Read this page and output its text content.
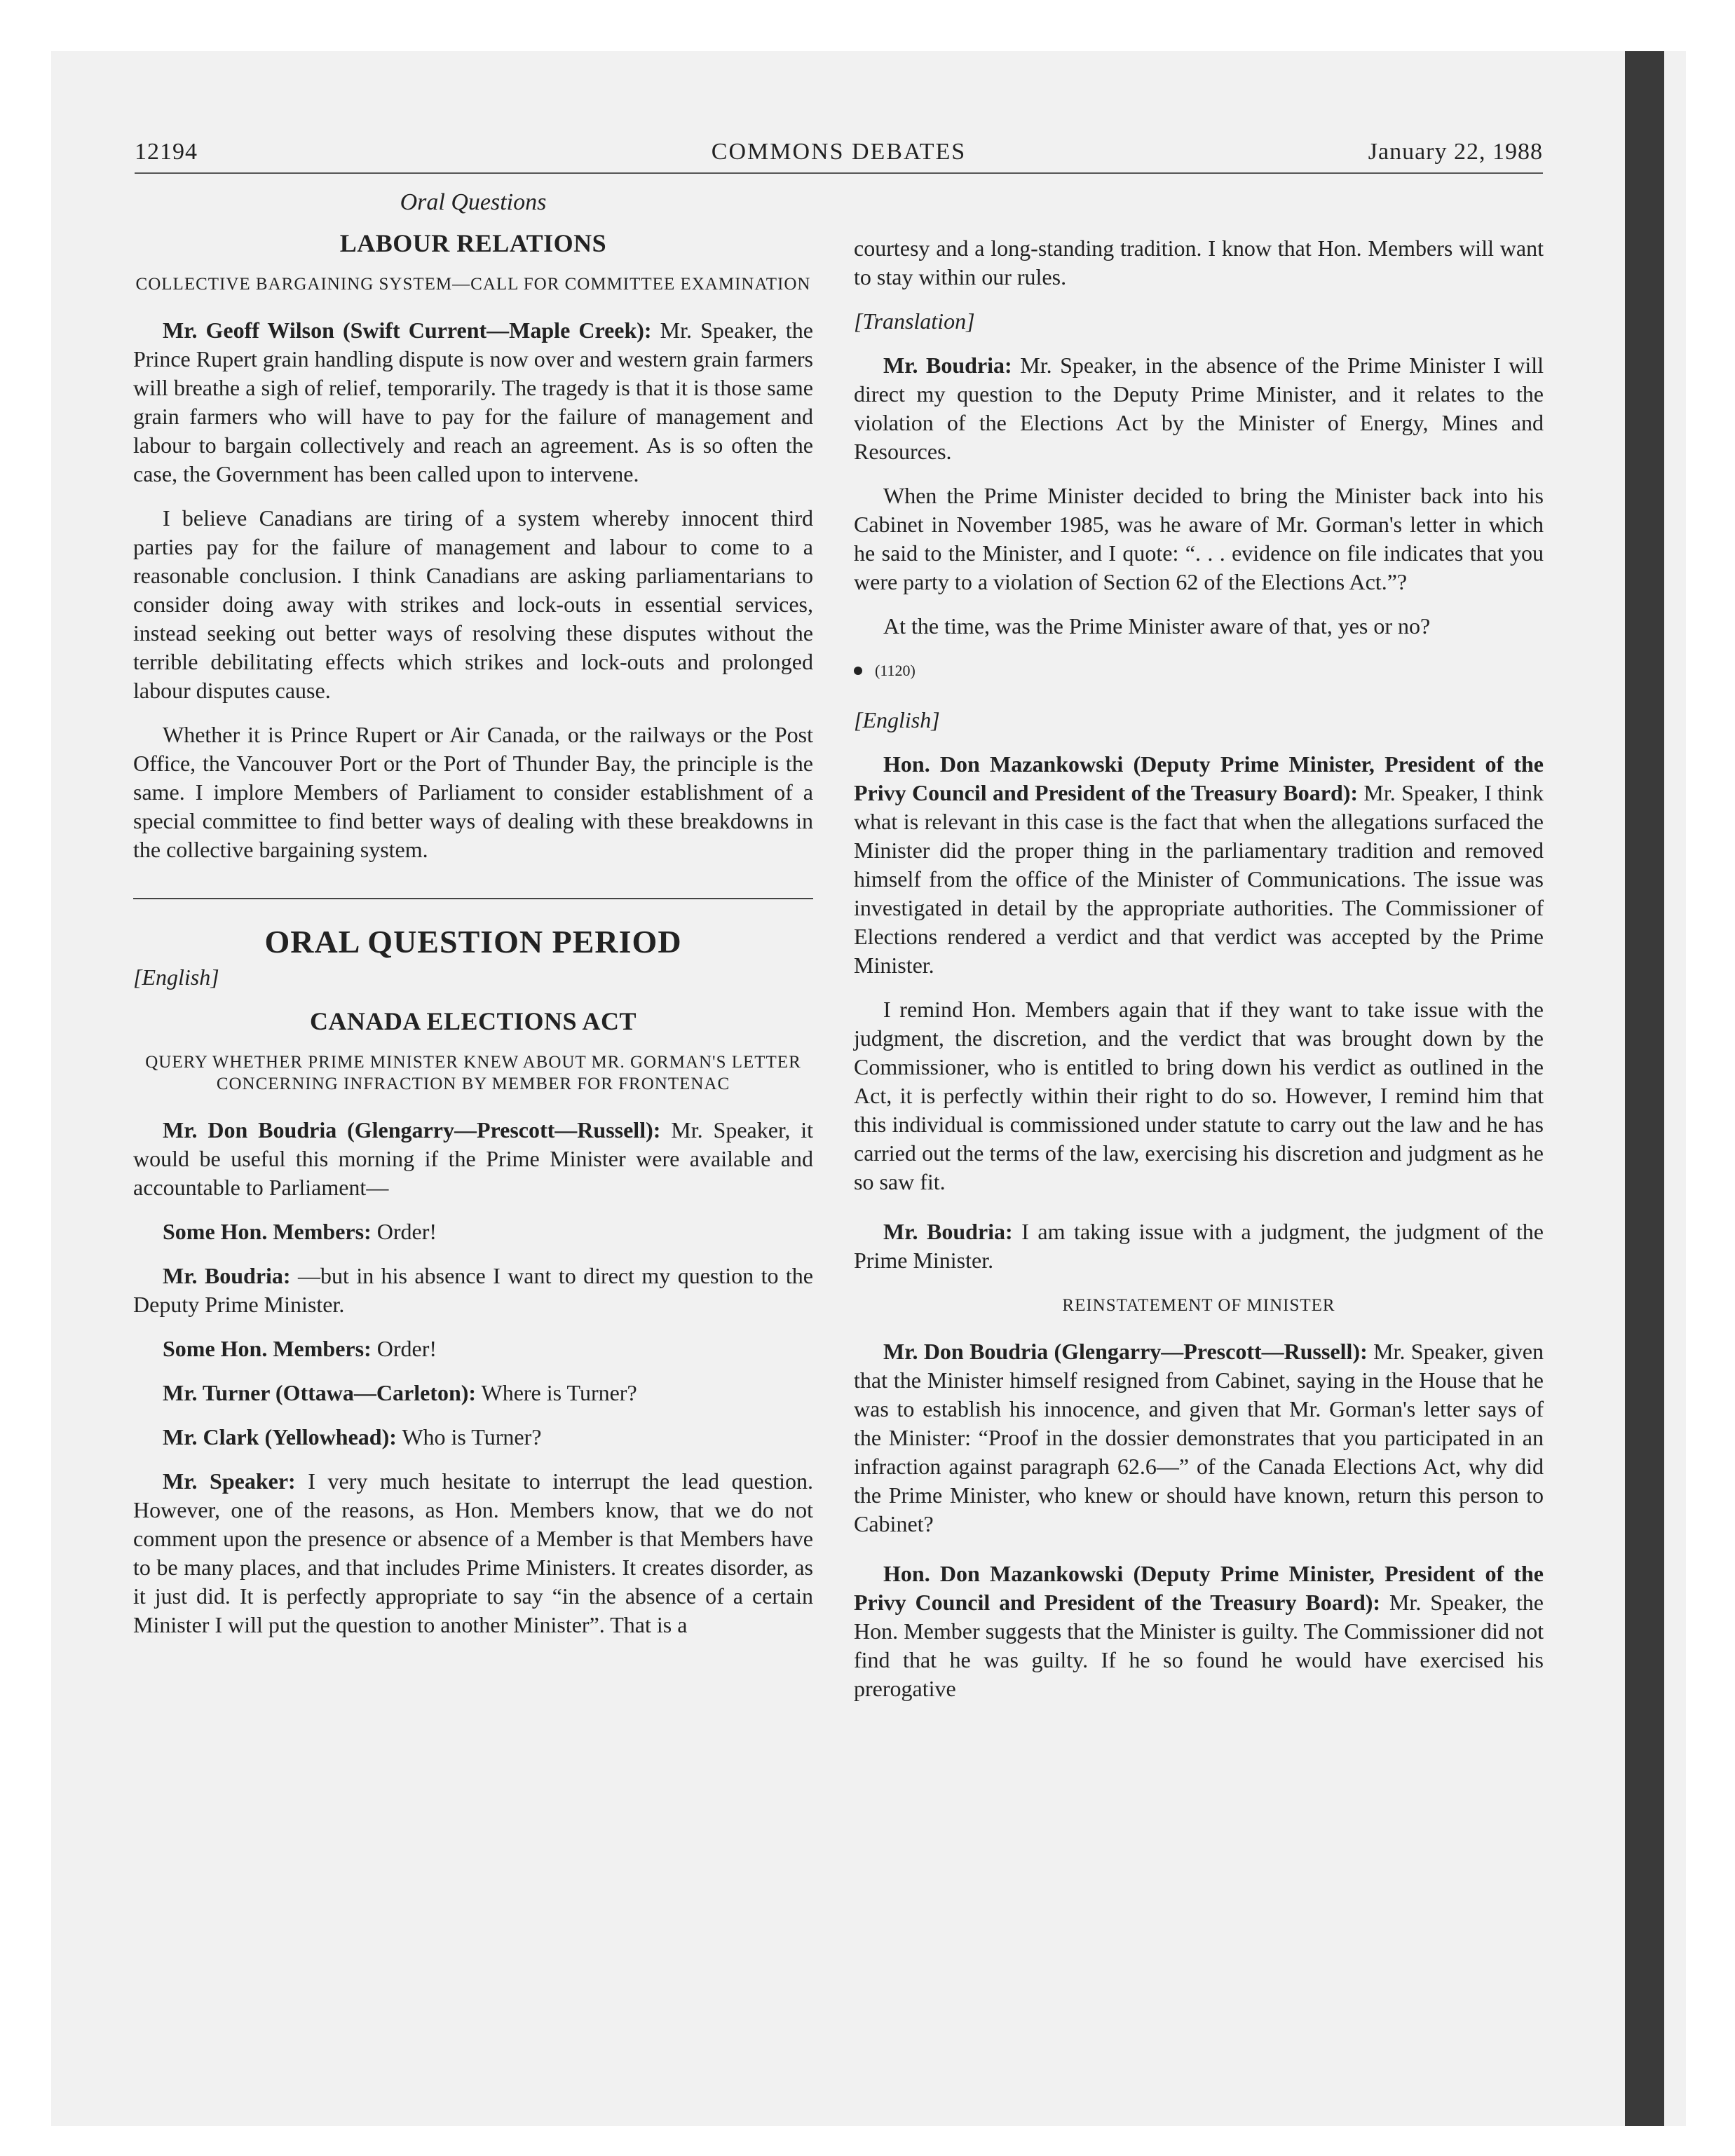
12194	COMMONS DEBATES	January 22, 1988
Oral Questions
LABOUR RELATIONS
COLLECTIVE BARGAINING SYSTEM—CALL FOR COMMITTEE EXAMINATION

Mr. Geoff Wilson (Swift Current—Maple Creek): Mr. Speaker, the Prince Rupert grain handling dispute is now over and western grain farmers will breathe a sigh of relief, temporarily. The tragedy is that it is those same grain farmers who will have to pay for the failure of management and labour to bargain collectively and reach an agreement. As is so often the case, the Government has been called upon to intervene.

I believe Canadians are tiring of a system whereby innocent third parties pay for the failure of management and labour to come to a reasonable conclusion. I think Canadians are asking parliamentarians to consider doing away with strikes and lock-outs in essential services, instead seeking out better ways of resolving these disputes without the terrible debilitating effects which strikes and lock-outs and prolonged labour disputes cause.

Whether it is Prince Rupert or Air Canada, or the railways or the Post Office, the Vancouver Port or the Port of Thunder Bay, the principle is the same. I implore Members of Parliament to consider establishment of a special committee to find better ways of dealing with these breakdowns in the collective bargaining system.

ORAL QUESTION PERIOD

[English]

CANADA ELECTIONS ACT
QUERY WHETHER PRIME MINISTER KNEW ABOUT MR. GORMAN'S LETTER CONCERNING INFRACTION BY MEMBER FOR FRONTENAC

Mr. Don Boudria (Glengarry—Prescott—Russell): Mr. Speaker, it would be useful this morning if the Prime Minister were available and accountable to Parliament—

Some Hon. Members: Order!

Mr. Boudria: —but in his absence I want to direct my question to the Deputy Prime Minister.

Some Hon. Members: Order!

Mr. Turner (Ottawa—Carleton): Where is Turner?

Mr. Clark (Yellowhead): Who is Turner?

Mr. Speaker: I very much hesitate to interrupt the lead question. However, one of the reasons, as Hon. Members know, that we do not comment upon the presence or absence of a Member is that Members have to be many places, and that includes Prime Ministers. It creates disorder, as it just did. It is perfectly appropriate to say “in the absence of a certain Minister I will put the question to another Minister”. That is a

courtesy and a long-standing tradition. I know that Hon. Members will want to stay within our rules.

[Translation]

Mr. Boudria: Mr. Speaker, in the absence of the Prime Minister I will direct my question to the Deputy Prime Minister, and it relates to the violation of the Elections Act by the Minister of Energy, Mines and Resources.

When the Prime Minister decided to bring the Minister back into his Cabinet in November 1985, was he aware of Mr. Gorman's letter in which he said to the Minister, and I quote: “. . . evidence on file indicates that you were party to a violation of Section 62 of the Elections Act.”?

At the time, was the Prime Minister aware of that, yes or no?

(1120)

[English]

Hon. Don Mazankowski (Deputy Prime Minister, President of the Privy Council and President of the Treasury Board): Mr. Speaker, I think what is relevant in this case is the fact that when the allegations surfaced the Minister did the proper thing in the parliamentary tradition and removed himself from the office of the Minister of Communications. The issue was investigated in detail by the appropriate authorities. The Commissioner of Elections rendered a verdict and that verdict was accepted by the Prime Minister.

I remind Hon. Members again that if they want to take issue with the judgment, the discretion, and the verdict that was brought down by the Commissioner, who is entitled to bring down his verdict as outlined in the Act, it is perfectly within their right to do so. However, I remind him that this individual is commissioned under statute to carry out the law and he has carried out the terms of the law, exercising his discretion and judgment as he so saw fit.

Mr. Boudria: I am taking issue with a judgment, the judgment of the Prime Minister.

REINSTATEMENT OF MINISTER

Mr. Don Boudria (Glengarry—Prescott—Russell): Mr. Speaker, given that the Minister himself resigned from Cabinet, saying in the House that he was to establish his innocence, and given that Mr. Gorman's letter says of the Minister: “Proof in the dossier demonstrates that you participated in an infraction against paragraph 62.6—” of the Canada Elections Act, why did the Prime Minister, who knew or should have known, return this person to Cabinet?

Hon. Don Mazankowski (Deputy Prime Minister, President of the Privy Council and President of the Treasury Board): Mr. Speaker, the Hon. Member suggests that the Minister is guilty. The Commissioner did not find that he was guilty. If he so found he would have exercised his prerogative
